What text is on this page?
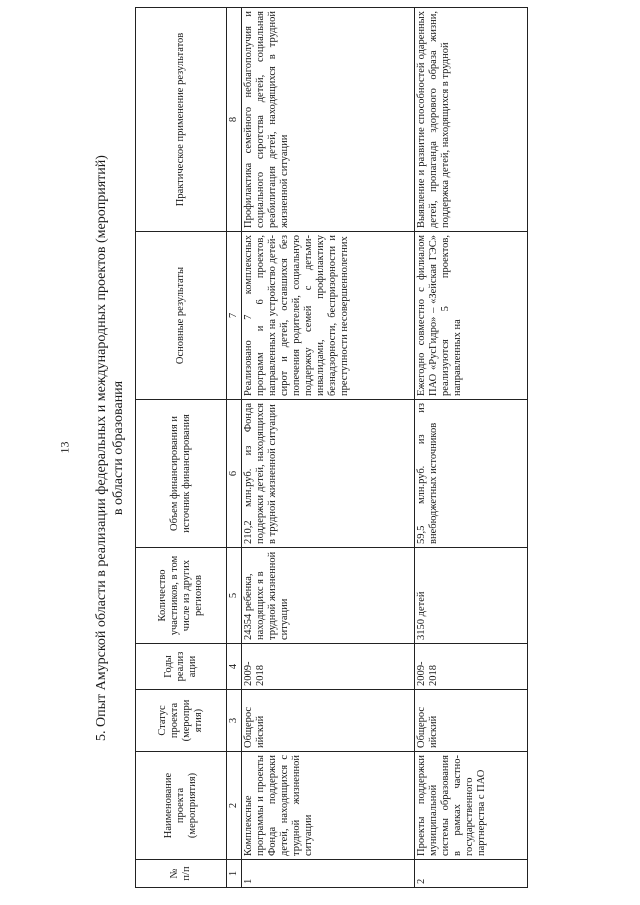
13 5. Опыт Амурской области в реализации федеральных и международных проектов (мероприятий) в области образования
№ п/п	Наименование проекта (мероприятия)	Статус проекта (меропри ятия)	Годы реализ ации	Количество участников, в том числе из других регионов	Объем финансирования и источник финансирования	Основные результаты	Практическое применение результатов
1	2	3	4	5	6	7	8
1	Комплексные программы и проекты Фонда поддержки детей, находящихся с трудной жизненной ситуации	Общерос ийский	2009-2018	24354 ребенка, находящихс я в трудной жизненной ситуации	210,2 млн.руб. из Фонда поддержки детей, находящихся в трудной жизненной ситуации	Реализовано 7 комплексных программ и 6 проектов, направленных на устройство детей-сирот и детей, оставшихся без попечения родителей, социальную поддержку семей с детьми-инвалидами, профилактику безнадзорности, беспризорности и преступности несовершеннолетних	Профилактика семейного неблагополучия и социального сиротства детей, социальная реабилитация детей, находящихся в трудной жизненной ситуации
2	Проекты поддержки муниципальной системы образования в рамках частно-государственного партнерства с ПАО	Общерос ийский	2009-2018	3150 детей	59,5 млн.руб. из из внебюджетных источников	Ежегодно совместно с филиалом ПАО «РусГидро» – «Зейская ГЭС» реализуются 5 проектов, направленных на	Выявление и развитие способностей одаренных детей, пропаганда здорового образа жизни, поддержка детей, находящихся в трудной
